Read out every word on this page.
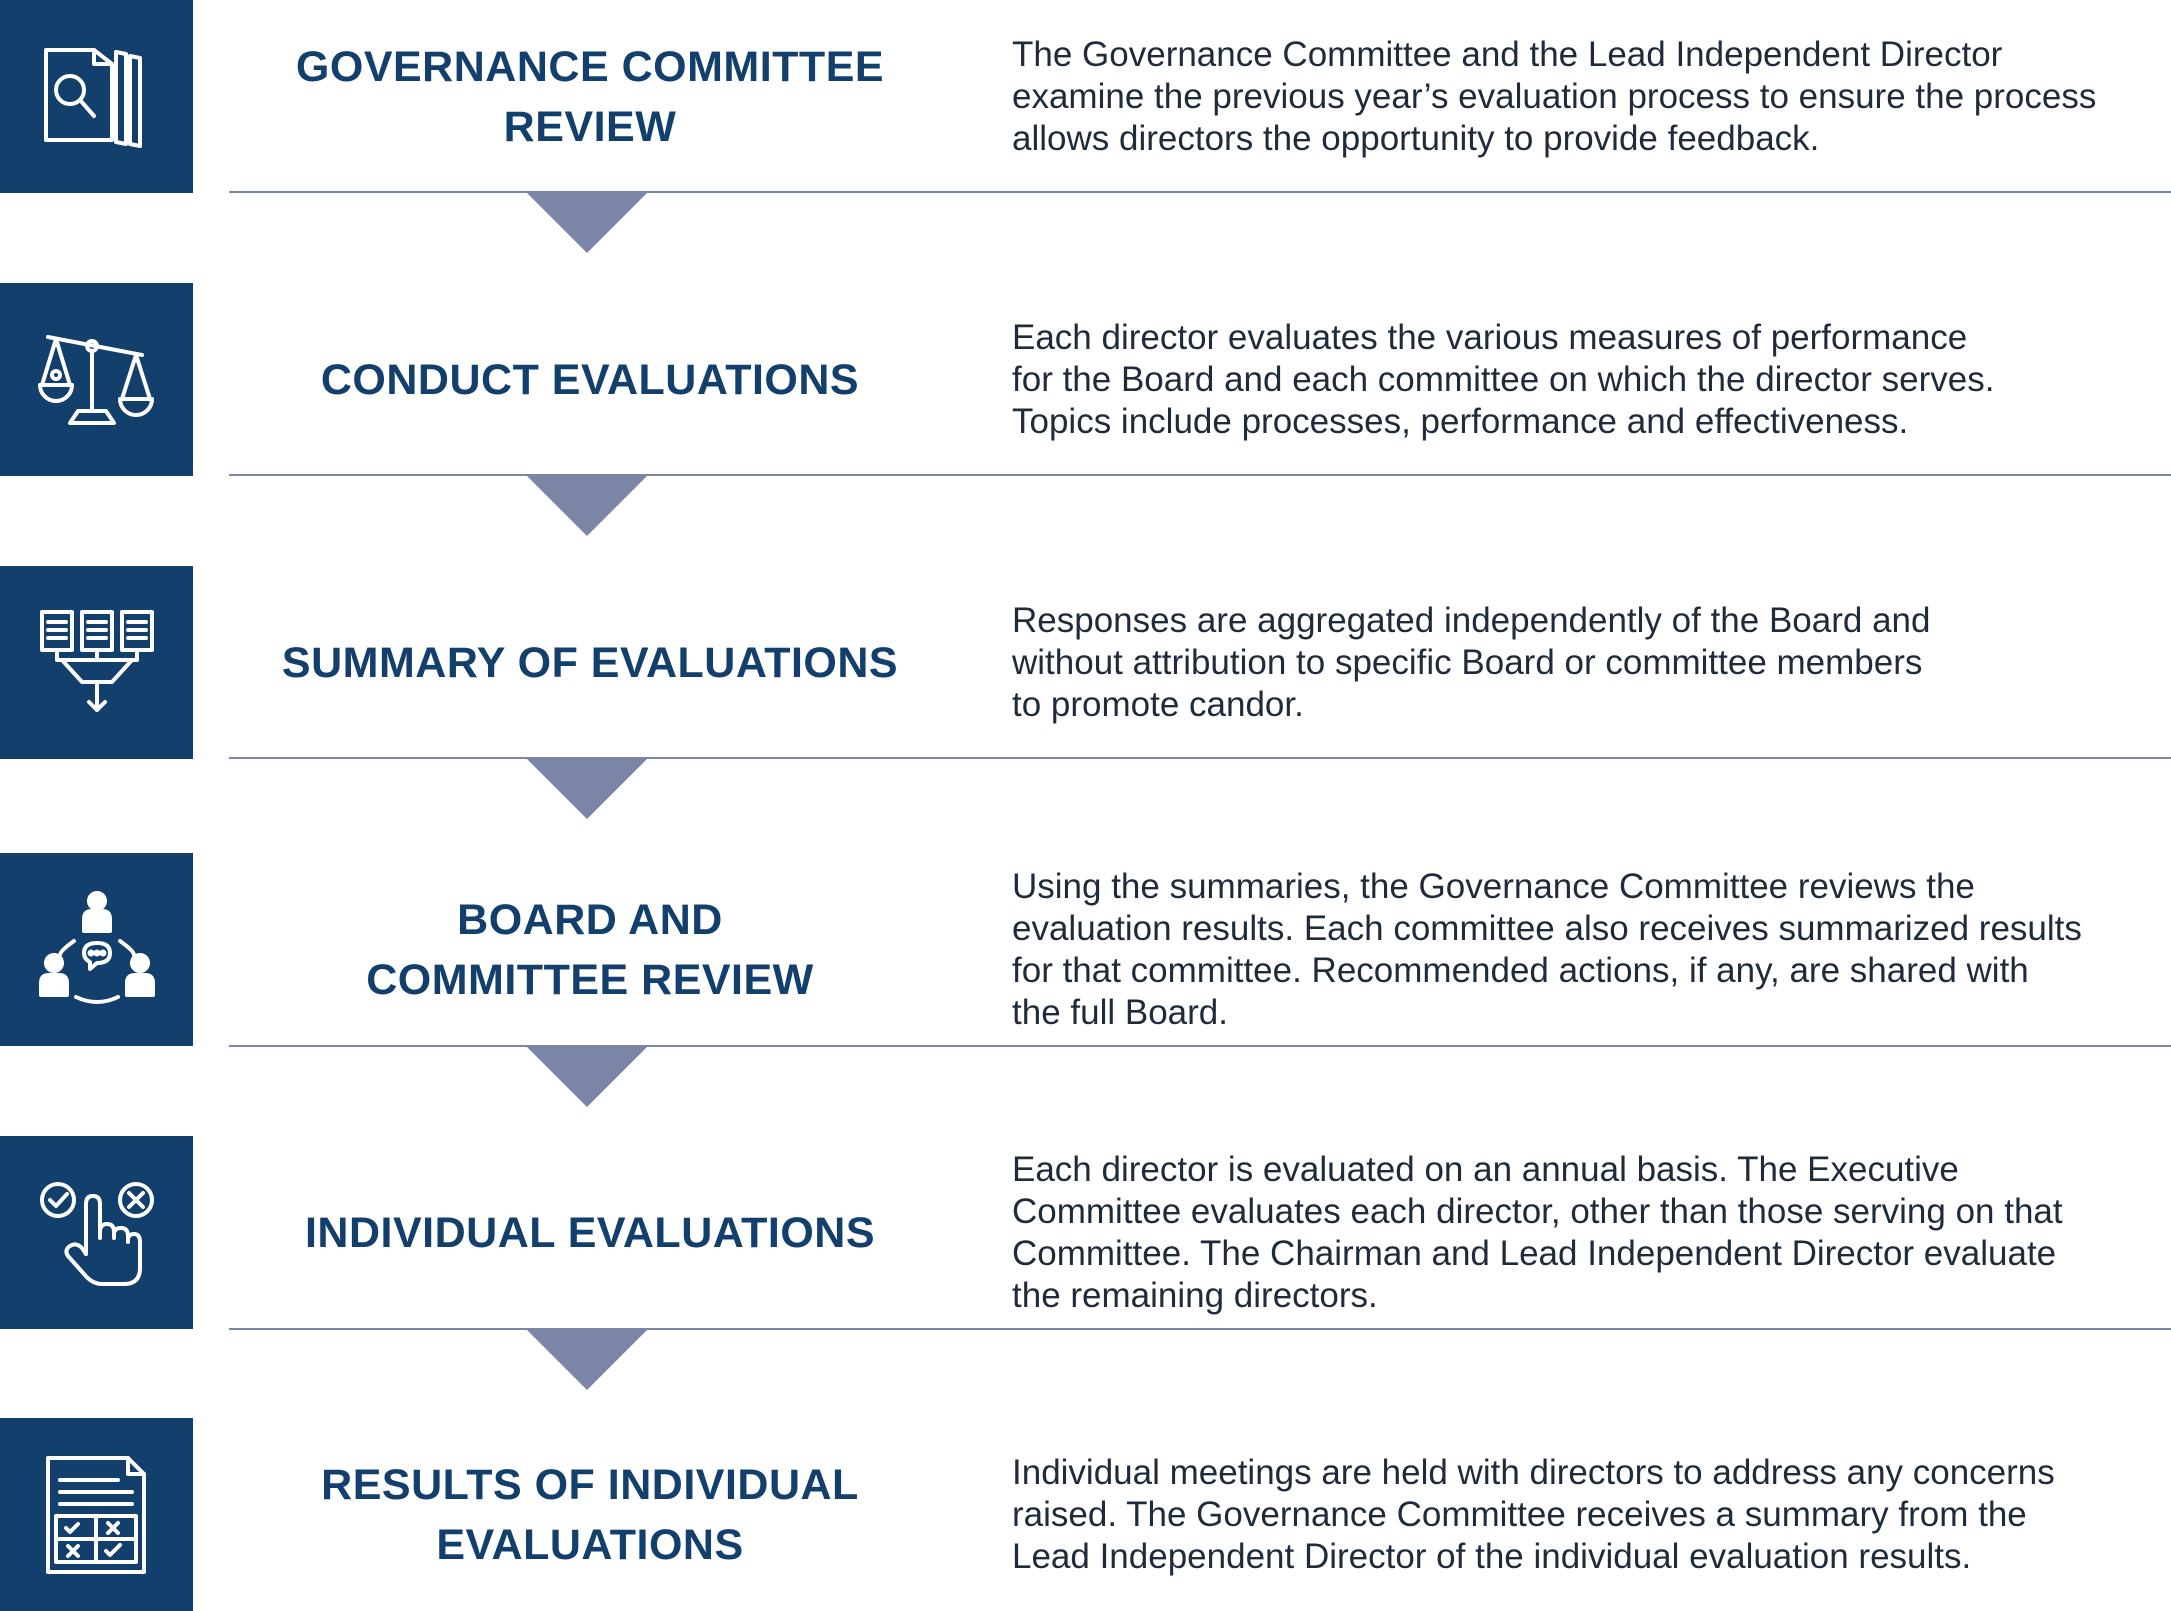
GOVERNANCE COMMITTEE
REVIEW
The Governance Committee and the Lead Independent Director
examine the previous year’s evaluation process to ensure the process
allows directors the opportunity to provide feedback.
CONDUCT EVALUATIONS
Each director evaluates the various measures of performance
for the Board and each committee on which the director serves.
Topics include processes, performance and effectiveness.
SUMMARY OF EVALUATIONS
Responses are aggregated independently of the Board and
without attribution to specific Board or committee members
to promote candor.
BOARD AND
COMMITTEE REVIEW
Using the summaries, the Governance Committee reviews the
evaluation results. Each committee also receives summarized results
for that committee. Recommended actions, if any, are shared with
the full Board.
INDIVIDUAL EVALUATIONS
Each director is evaluated on an annual basis. The Executive
Committee evaluates each director, other than those serving on that
Committee. The Chairman and Lead Independent Director evaluate
the remaining directors.
RESULTS OF INDIVIDUAL
EVALUATIONS
Individual meetings are held with directors to address any concerns
raised. The Governance Committee receives a summary from the
Lead Independent Director of the individual evaluation results.
